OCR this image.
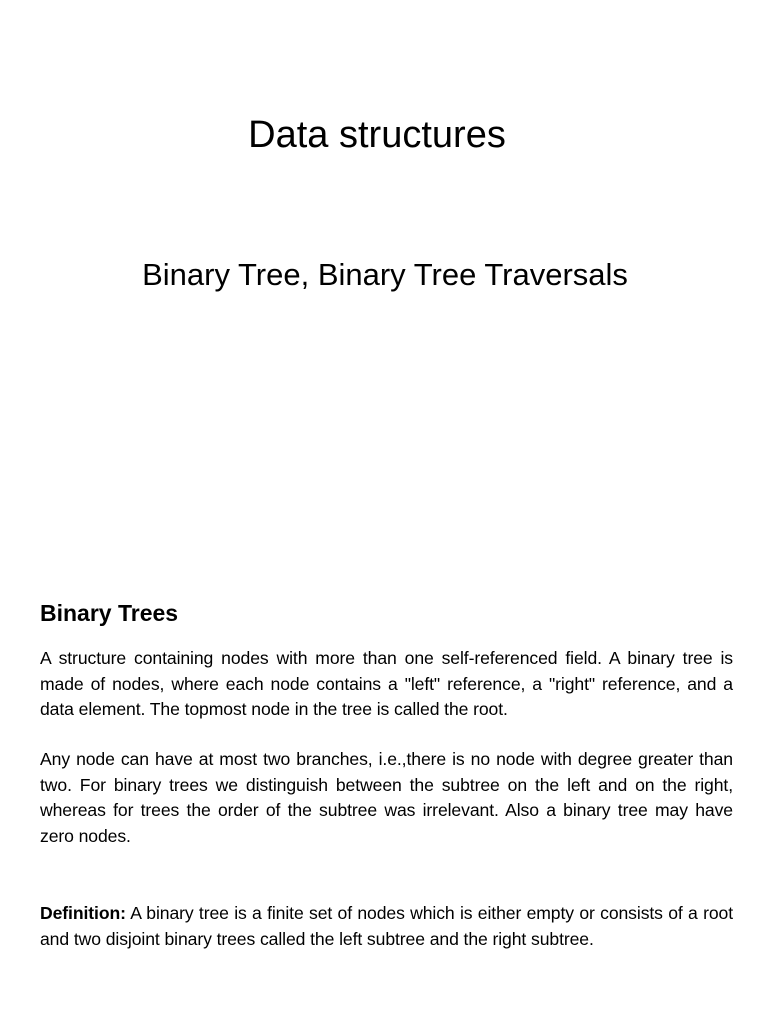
Data structures
Binary Tree, Binary Tree Traversals
Binary Trees

A structure containing nodes with more than one self-referenced field. A binary tree is made of nodes, where each node contains a "left" reference, a "right" reference, and a data element. The topmost node in the tree is called the root.

Any node can have at most two branches, i.e.,there is no node with degree greater than two. For binary trees we distinguish between the subtree on the left and on the right, whereas for trees the order of the subtree was irrelevant. Also a binary tree may have zero nodes.

Definition: A binary tree is a finite set of nodes which is either empty or consists of a root and two disjoint binary trees called the left subtree and the right subtree.
